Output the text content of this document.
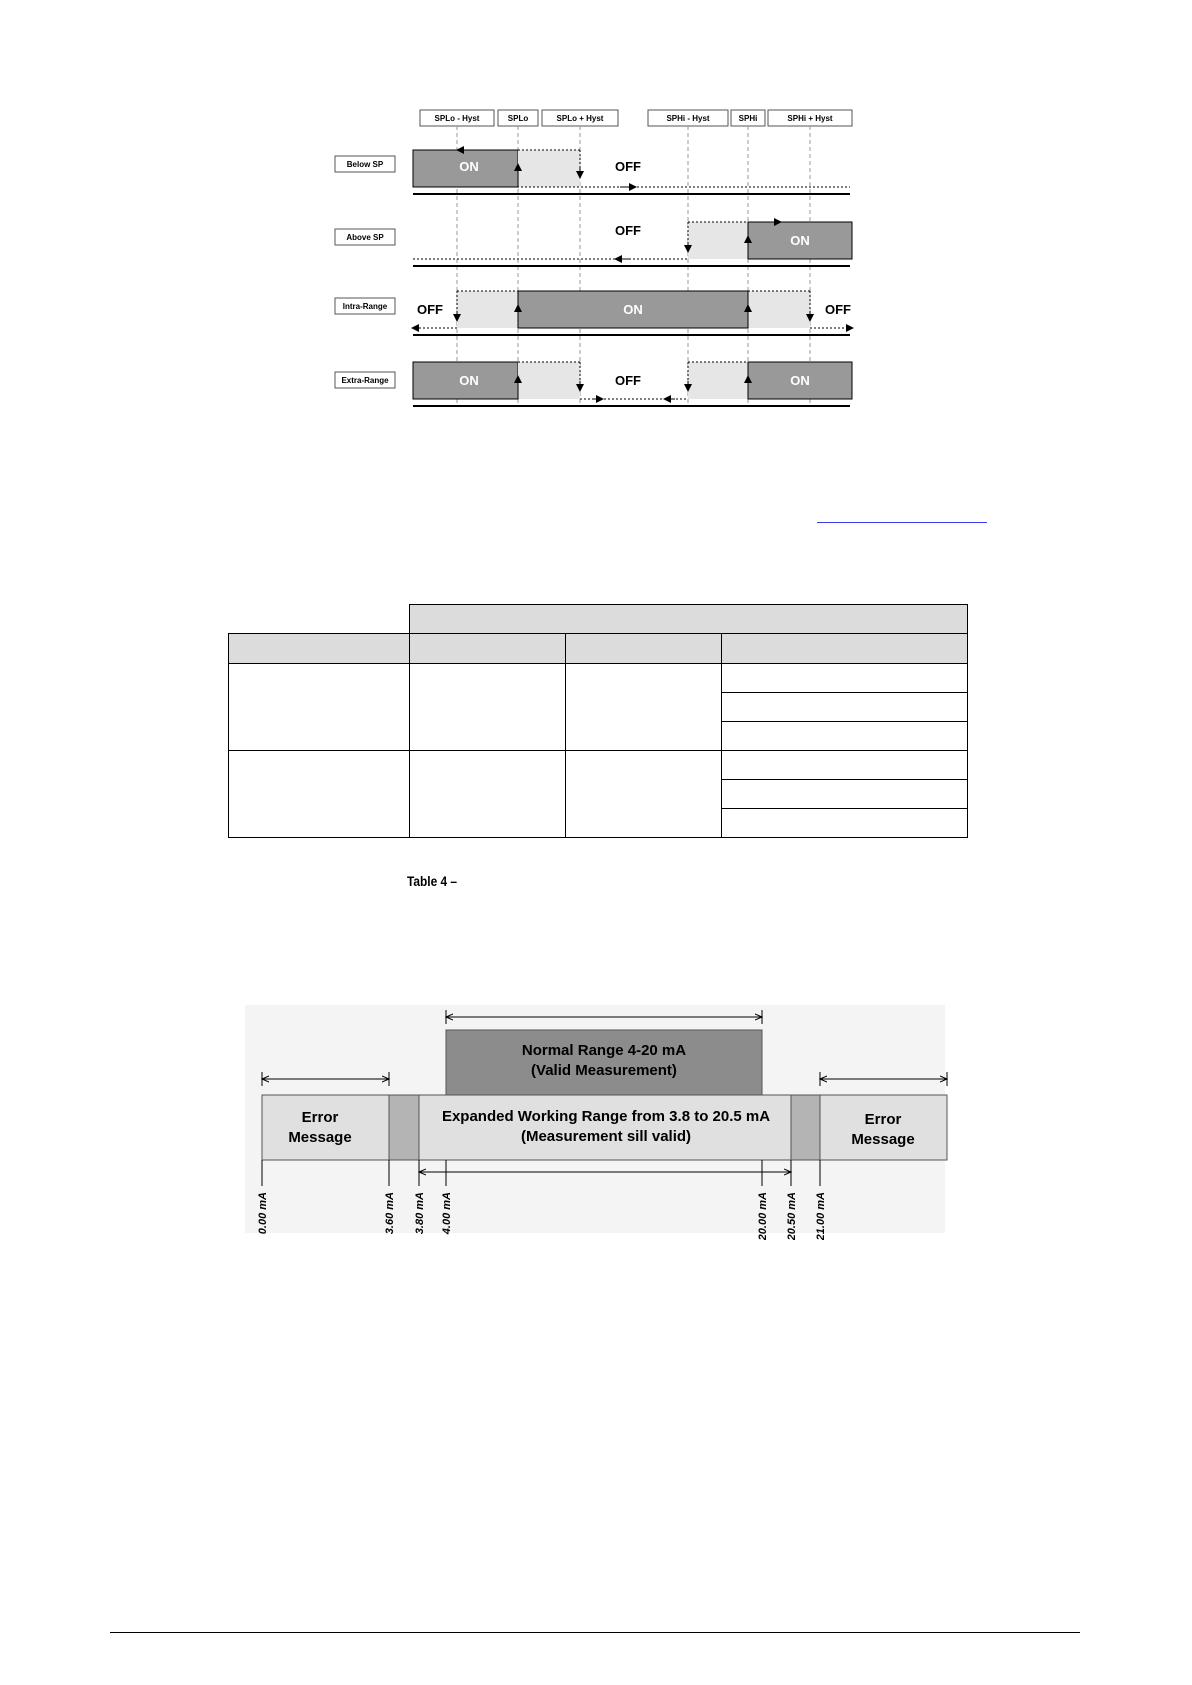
SPLo - Hyst	SPLo	SPLo + Hyst	SPHi - Hyst	SPHi	SPHi + Hyst
Below SP
Above SP
Intra-Range
Extra-Range
ON	OFF
OFF
ON
OFF	ON	OFF
ON	OFF	ON

Table 4 –
Normal Range 4-20 mA
(Valid Measurement)
Error
Message
Expanded Working Range from 3.8 to 20.5 mA
(Measurement sill valid)
Error
Message
0.00 mA	3.60 mA 3.80 mA 4.00 mA	20.00 mA 20.50 mA 21.00 mA
